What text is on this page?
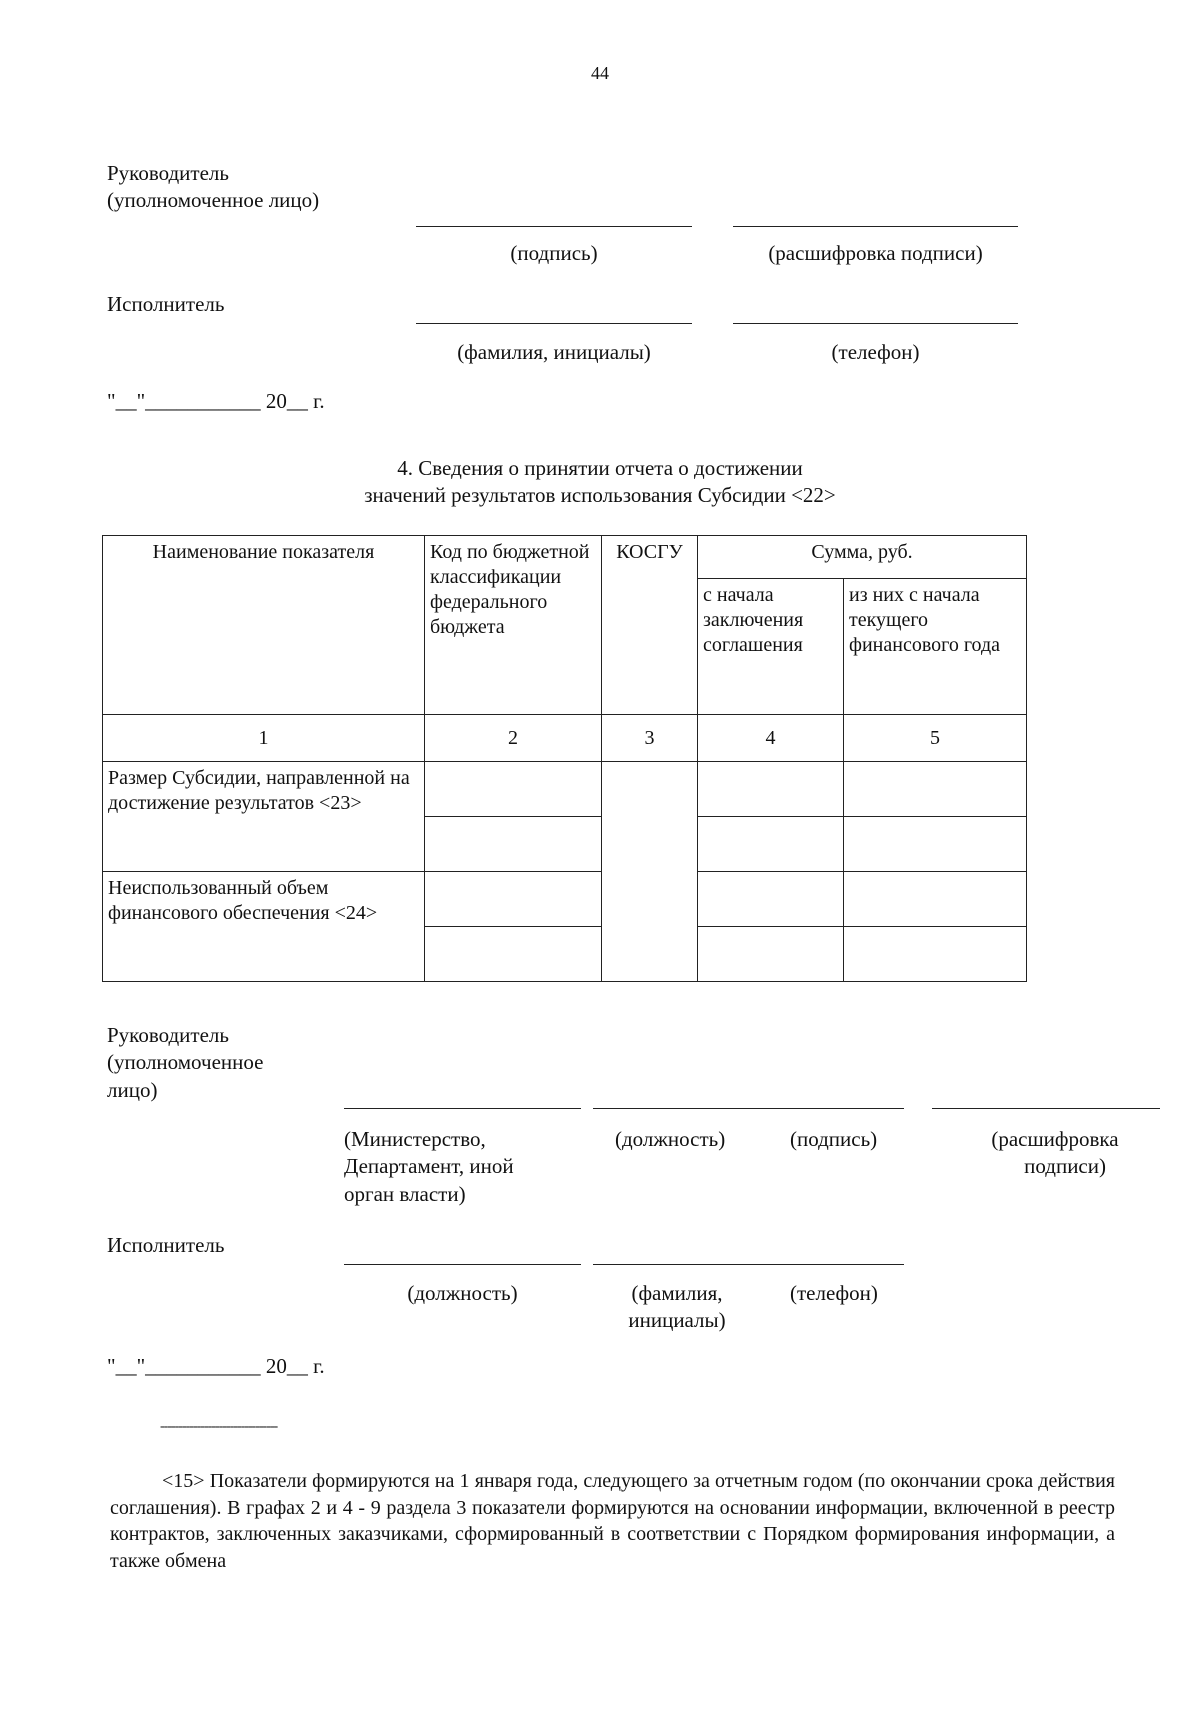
44
Руководитель
(уполномоченное лицо)
(подпись)	(расшифровка подписи)
Исполнитель
(фамилия, инициалы)	(телефон)
"__"___________ 20__ г.
4. Сведения о принятии отчета о достижении
значений результатов использования Субсидии <22>
Наименование показателя	Код по бюджетной классификации федерального бюджета	КОСГУ	Сумма, руб.	
			с начала заключения соглашения	из них с начала текущего финансового года
1	2	3	4	5
Размер Субсидии, направленной на достижение результатов <23>				

Неиспользованный объем финансового обеспечения <24>				

Руководитель
(уполномоченное
лицо)
(Министерство,
Департамент, иной
орган власти)
(должность)	(подпись)	(расшифровка
подписи)
Исполнитель
(должность)	(фамилия,
инициалы)
(телефон)
"__"___________ 20__ г.
--------------------------------

<15> Показатели формируются на 1 января года, следующего за отчетным годом (по окончании срока действия соглашения). В графах 2 и 4 - 9 раздела 3 показатели формируются на основании информации, включенной в реестр контрактов, заключенных заказчиками, сформированный в соответствии с Порядком формирования информации, а также обмена
